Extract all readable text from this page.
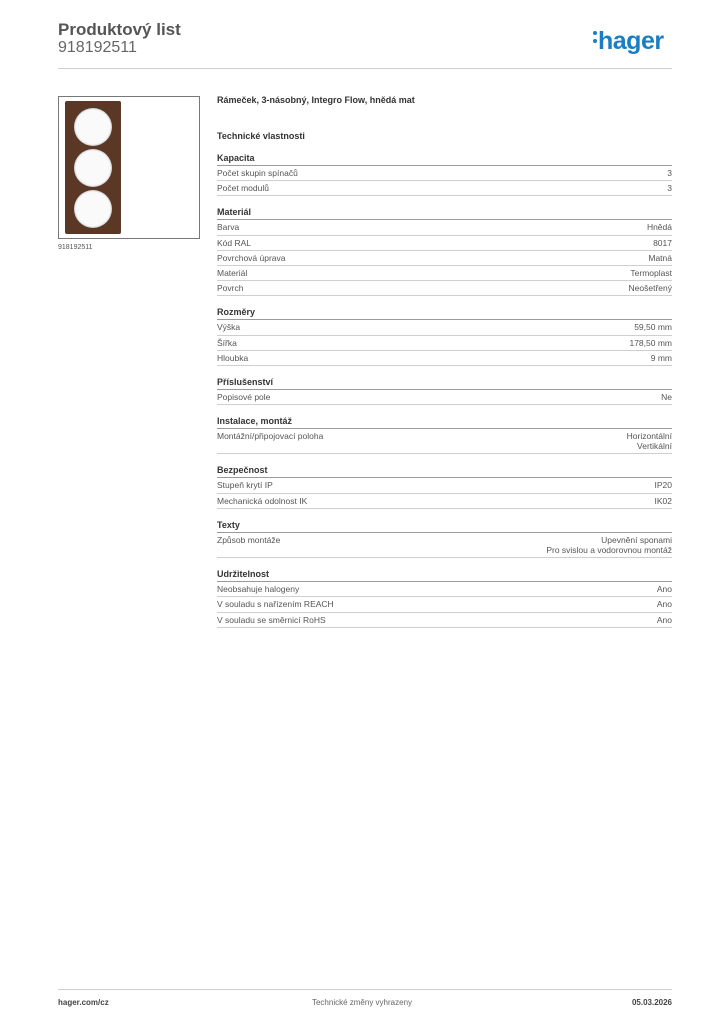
Produktový list
918192511	hager
918192511
Rámeček, 3-násobný, Integro Flow, hnědá mat
Technické vlastnosti
Kapacita
Počet skupin spínačů	3
Počet modulů	3
Materiál
Barva	Hnědá
Kód RAL	8017
Povrchová úprava	Matná
Materiál	Termoplast
Povrch	Neošetřený
Rozměry
Výška	59,50 mm
Šířka	178,50 mm
Hloubka	9 mm
Příslušenství
Popisové pole	Ne
Instalace, montáž
Montážní/připojovací poloha	Horizontální
Vertikální
Bezpečnost
Stupeň krytí IP	IP20
Mechanická odolnost IK	IK02
Texty
Způsob montáže	Upevnění sponami
Pro svislou a vodorovnou montáž
Udržitelnost
Neobsahuje halogeny	Ano
V souladu s nařízením REACH	Ano
V souladu se směrnicí RoHS	Ano
hager.com/cz	Technické změny vyhrazeny	05.03.2026
